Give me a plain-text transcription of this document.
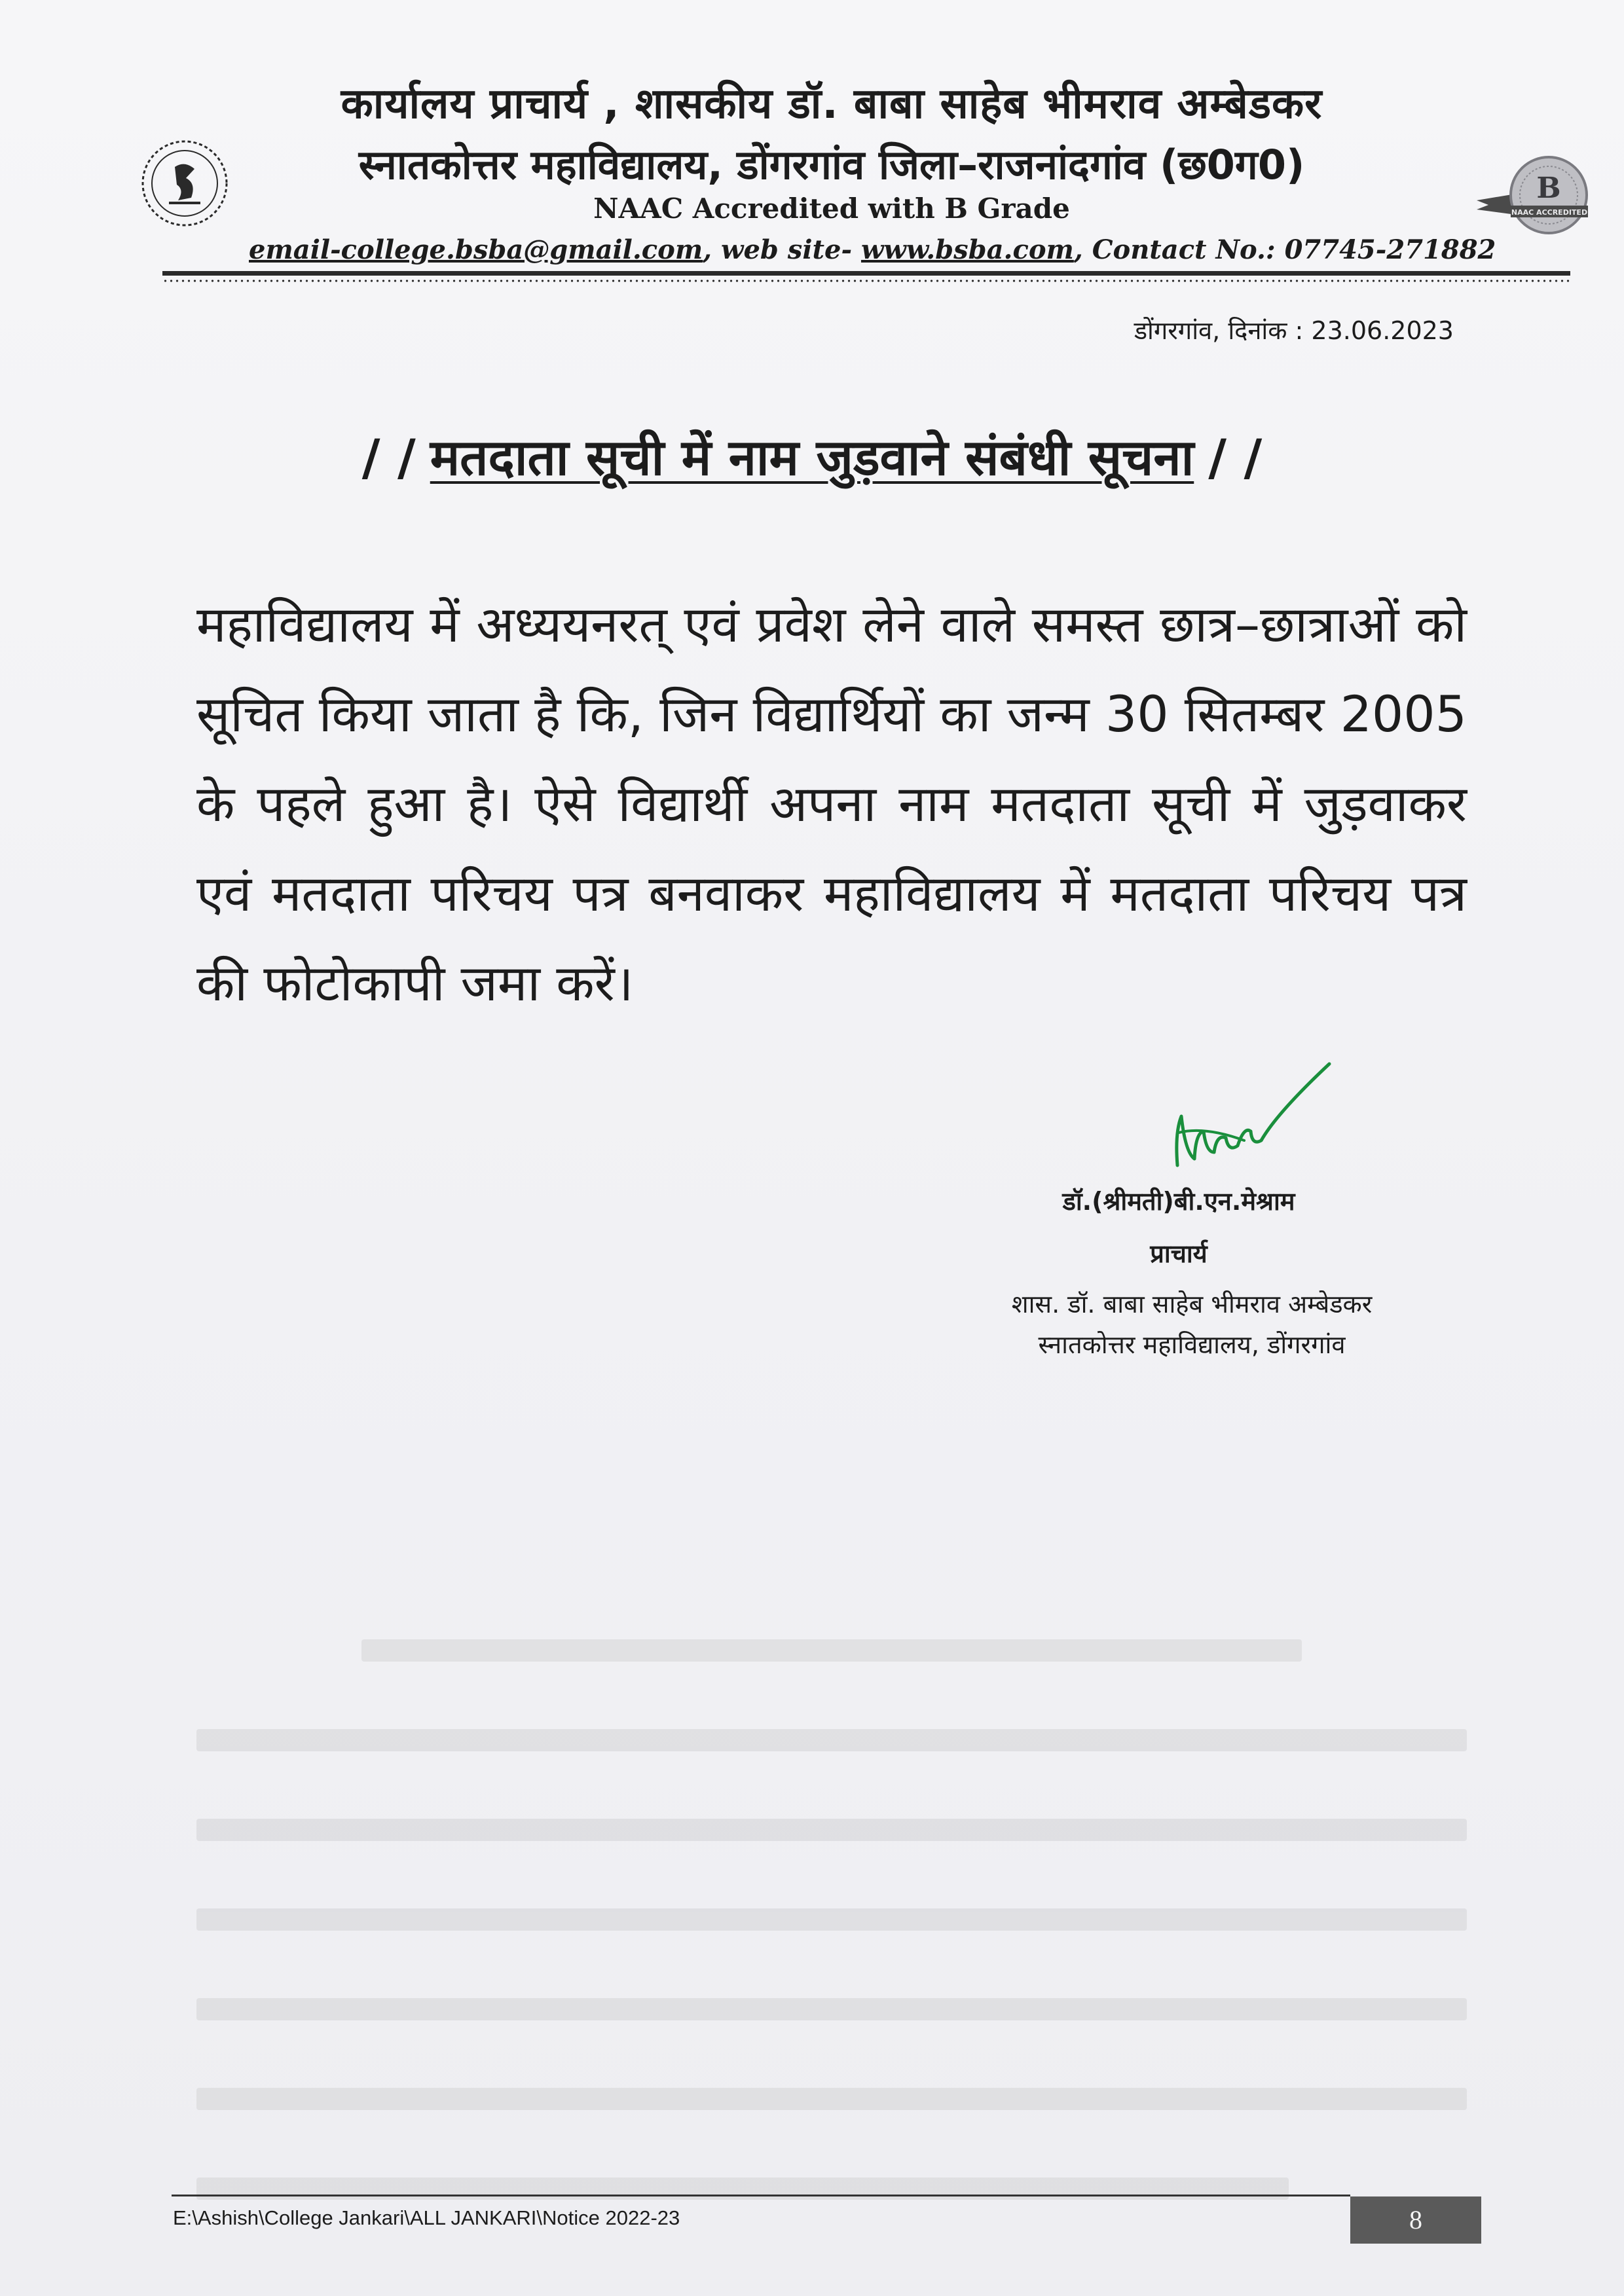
B
NAAC ACCREDITED
कार्यालय प्राचार्य , शासकीय डॉ. बाबा साहेब भीमराव अम्बेडकर
स्नातकोत्तर महाविद्यालय, डोंगरगांव जिला–राजनांदगांव (छ0ग0)
NAAC Accredited with B Grade
email-college.bsba@gmail.com, web site- www.bsba.com, Contact No.: 07745-271882
डोंगरगांव, दिनांक : 23.06.2023
/ / मतदाता सूची में नाम जुड़वाने संबंधी सूचना / /
महाविद्यालय में अध्ययनरत् एवं प्रवेश लेने वाले समस्त छात्र–छात्राओं को सूचित किया जाता है कि, जिन विद्यार्थियों का जन्म 30 सितम्बर 2005 के पहले हुआ है। ऐसे विद्यार्थी अपना नाम मतदाता सूची में जुड़वाकर एवं मतदाता परिचय पत्र बनवाकर महाविद्यालय में मतदाता परिचय पत्र की फोटोकापी जमा करें।
डॉ.(श्रीमती)बी.एन.मेश्राम
प्राचार्य
शास. डॉ. बाबा साहेब भीमराव अम्बेडकर
स्नातकोत्तर महाविद्यालय, डोंगरगांव
E:\Ashish\College Jankari\ALL JANKARI\Notice 2022-23	8
